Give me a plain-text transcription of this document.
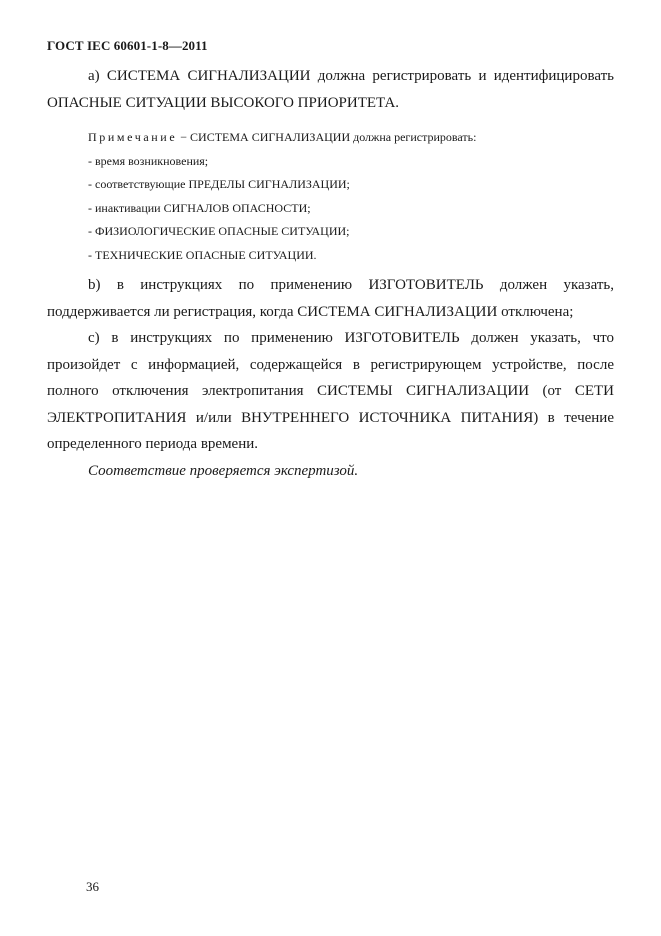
ГОСТ IEC 60601-1-8—2011

a) СИСТЕМА СИГНАЛИЗАЦИИ должна регистрировать и идентифицировать ОПАСНЫЕ СИТУАЦИИ ВЫСОКОГО ПРИОРИТЕТА.

Примечание − СИСТЕМА СИГНАЛИЗАЦИИ должна регистрировать:
- время возникновения;
- соответствующие ПРЕДЕЛЫ СИГНАЛИЗАЦИИ;
- инактивации СИГНАЛОВ ОПАСНОСТИ;
- ФИЗИОЛОГИЧЕСКИЕ ОПАСНЫЕ СИТУАЦИИ;
- ТЕХНИЧЕСКИЕ ОПАСНЫЕ СИТУАЦИИ.

b) в инструкциях по применению ИЗГОТОВИТЕЛЬ должен указать, поддерживается ли регистрация, когда СИСТЕМА СИГНАЛИЗАЦИИ отключена;

c) в инструкциях по применению ИЗГОТОВИТЕЛЬ должен указать, что произойдет с информацией, содержащейся в регистрирующем устройстве, после полного отключения электропитания СИСТЕМЫ СИГНАЛИЗАЦИИ (от СЕТИ ЭЛЕКТРОПИТАНИЯ и/или ВНУТРЕННЕГО ИСТОЧНИКА ПИТАНИЯ) в течение определенного периода времени.

Соответствие проверяется экспертизой.

36
